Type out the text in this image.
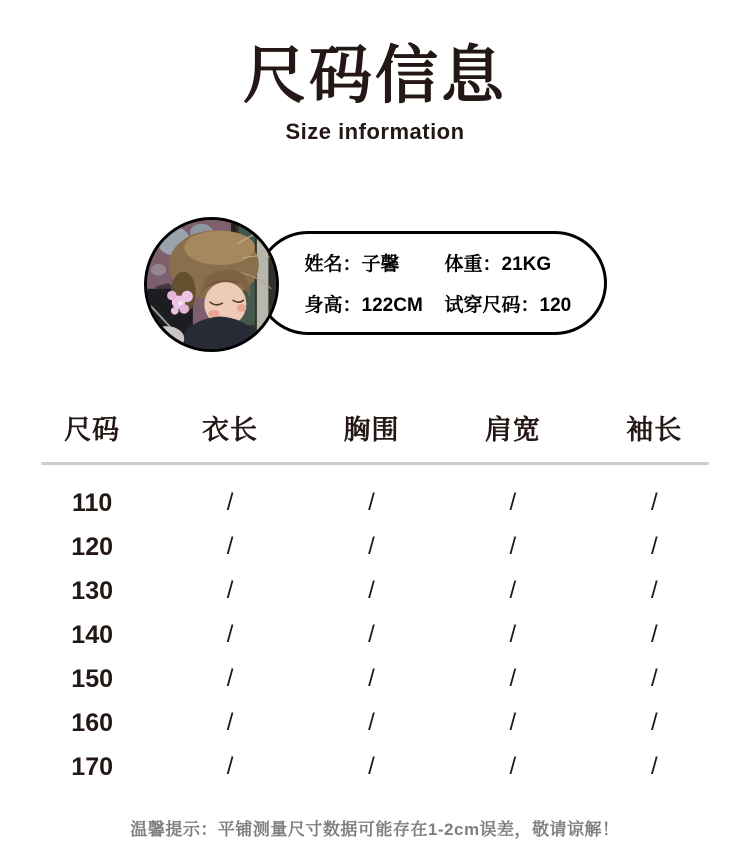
尺码信息
Size information
姓名：子馨	体重：21KG
身高：122CM	试穿尺码：120
尺码	衣长	胸围	肩宽	袖长
110	/	/	/	/
120	/	/	/	/
130	/	/	/	/
140	/	/	/	/
150	/	/	/	/
160	/	/	/	/
170	/	/	/	/
温馨提示：平铺测量尺寸数据可能存在1-2cm误差，敬请谅解！
